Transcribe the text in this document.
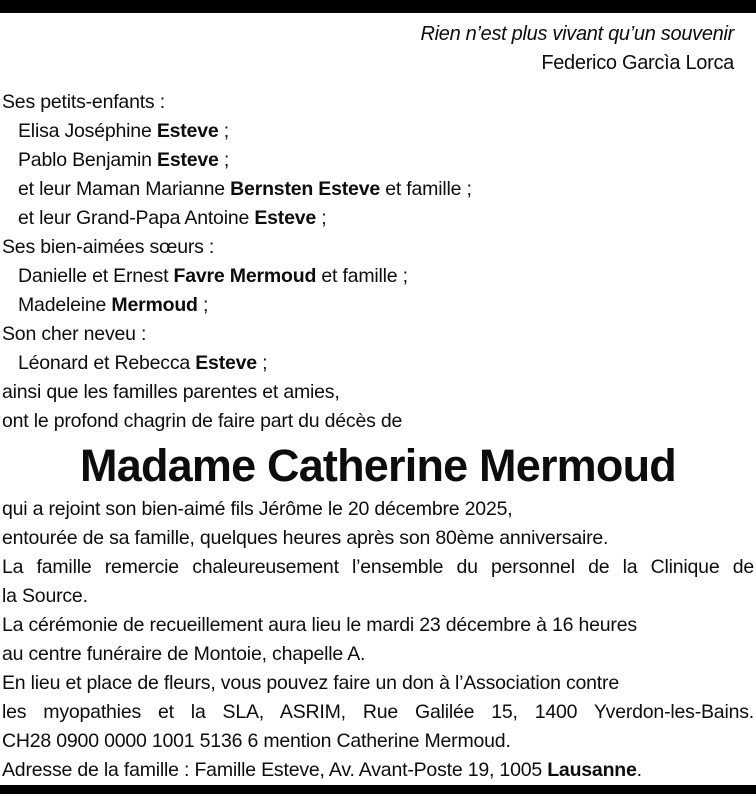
Rien n’est plus vivant qu’un souvenir
Federico Garcìa Lorca
Ses petits-enfants :
Elisa Joséphine Esteve ;
Pablo Benjamin Esteve ;
et leur Maman Marianne Bernsten Esteve et famille ;
et leur Grand-Papa Antoine Esteve ;
Ses bien-aimées sœurs :
Danielle et Ernest Favre Mermoud et famille ;
Madeleine Mermoud ;
Son cher neveu :
Léonard et Rebecca Esteve ;
ainsi que les familles parentes et amies,
ont le profond chagrin de faire part du décès de
Madame Catherine Mermoud
qui a rejoint son bien-aimé fils Jérôme le 20 décembre 2025,
entourée de sa famille, quelques heures après son 80ème anniversaire.
La famille remercie chaleureusement l’ensemble du personnel de la Clinique de
la Source.
La cérémonie de recueillement aura lieu le mardi 23 décembre à 16 heures
au centre funéraire de Montoie, chapelle A.
En lieu et place de fleurs, vous pouvez faire un don à l’Association contre
les myopathies et la SLA, ASRIM, Rue Galilée 15, 1400 Yverdon-les-Bains.
CH28 0900 0000 1001 5136 6 mention Catherine Mermoud.
Adresse de la famille : Famille Esteve, Av. Avant-Poste 19, 1005 Lausanne.
